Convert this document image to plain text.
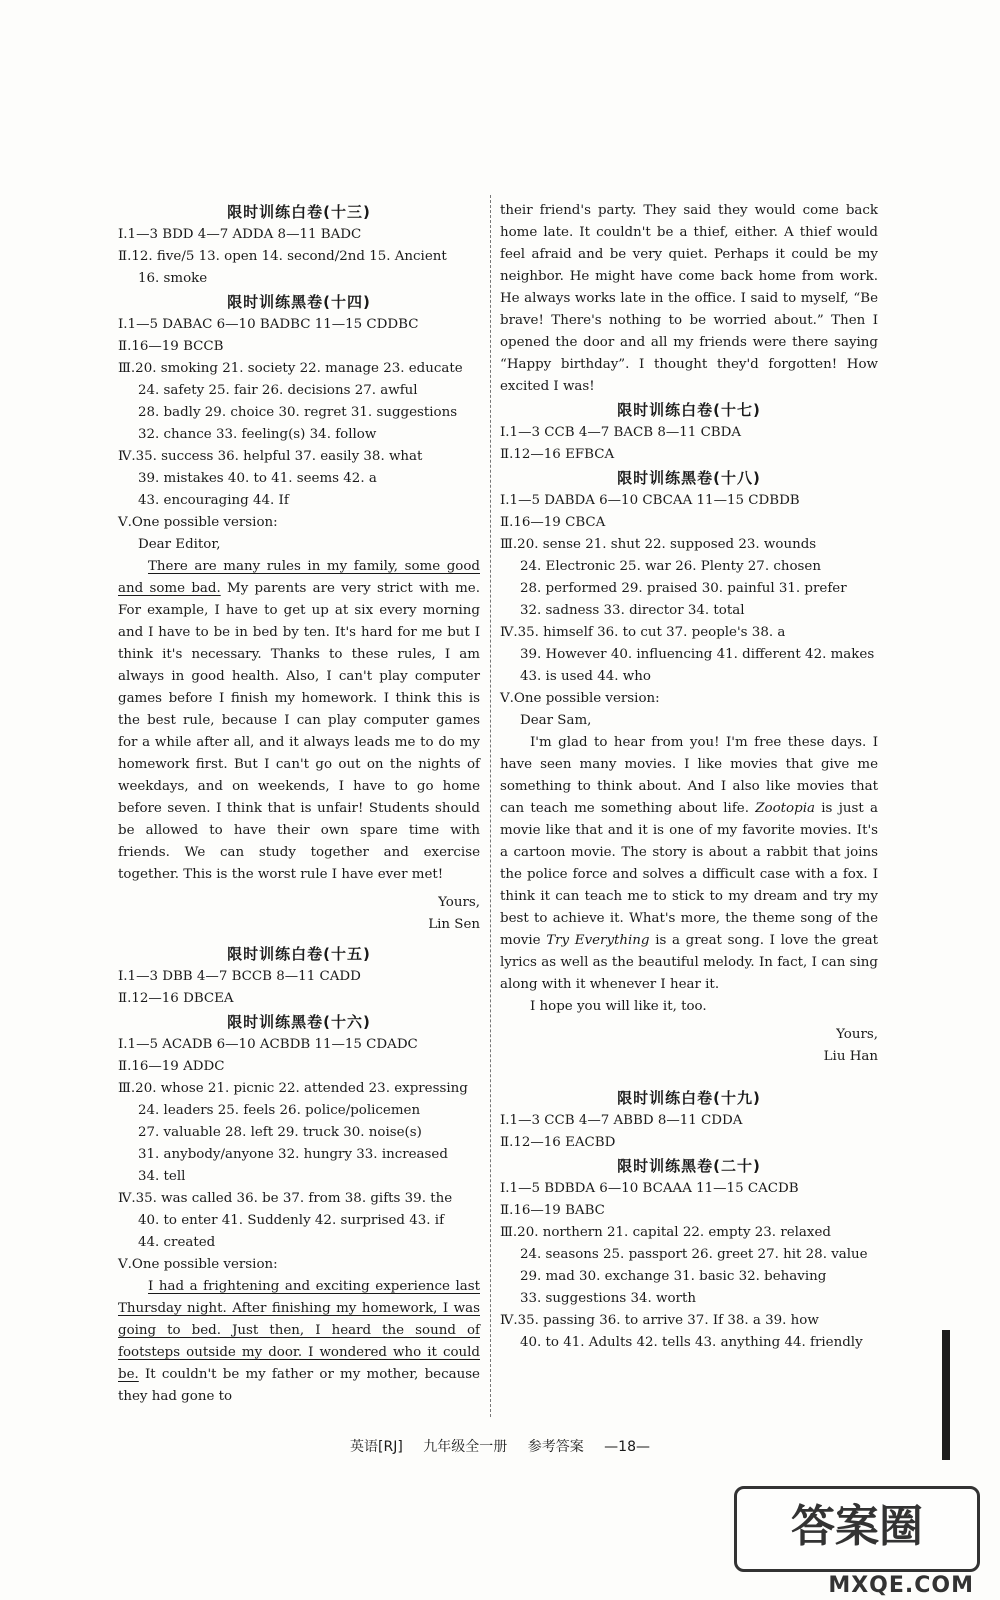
限时训练白卷(十三)
Ⅰ.1—3 BDD 4—7 ADDA 8—11 BADC
Ⅱ.12. five/5 13. open 14. second/2nd 15. Ancient
16. smoke
限时训练黑卷(十四)
Ⅰ.1—5 DABAC 6—10 BADBC 11—15 CDDBC
Ⅱ.16—19 BCCB
Ⅲ.20. smoking 21. society 22. manage 23. educate
24. safety 25. fair 26. decisions 27. awful
28. badly 29. choice 30. regret 31. suggestions
32. chance 33. feeling(s) 34. follow
Ⅳ.35. success 36. helpful 37. easily 38. what
39. mistakes 40. to 41. seems 42. a
43. encouraging 44. If
Ⅴ.One possible version:
Dear Editor,
There are many rules in my family, some good and some bad. My parents are very strict with me. For example, I have to get up at six every morning and I have to be in bed by ten. It's hard for me but I think it's necessary. Thanks to these rules, I am always in good health. Also, I can't play computer games before I finish my homework. I think this is the best rule, because I can play computer games for a while after all, and it always leads me to do my homework first. But I can't go out on the nights of weekdays, and on weekends, I have to go home before seven. I think that is unfair! Students should be allowed to have their own spare time with friends. We can study together and exercise together. This is the worst rule I have ever met!
Yours,
Lin Sen
限时训练白卷(十五)
Ⅰ.1—3 DBB 4—7 BCCB 8—11 CADD
Ⅱ.12—16 DBCEA
限时训练黑卷(十六)
Ⅰ.1—5 ACADB 6—10 ACBDB 11—15 CDADC
Ⅱ.16—19 ADDC
Ⅲ.20. whose 21. picnic 22. attended 23. expressing
24. leaders 25. feels 26. police/policemen
27. valuable 28. left 29. truck 30. noise(s)
31. anybody/anyone 32. hungry 33. increased
34. tell
Ⅳ.35. was called 36. be 37. from 38. gifts 39. the
40. to enter 41. Suddenly 42. surprised 43. if
44. created
Ⅴ.One possible version:
I had a frightening and exciting experience last Thursday night. After finishing my homework, I was going to bed. Just then, I heard the sound of footsteps outside my door. I wondered who it could be. It couldn't be my father or my mother, because they had gone to
their friend's party. They said they would come back home late. It couldn't be a thief, either. A thief would feel afraid and be very quiet. Perhaps it could be my neighbor. He might have come back home from work. He always works late in the office. I said to myself, “Be brave! There's nothing to be worried about.” Then I opened the door and all my friends were there saying “Happy birthday”. I thought they'd forgotten! How excited I was!
限时训练白卷(十七)
Ⅰ.1—3 CCB 4—7 BACB 8—11 CBDA
Ⅱ.12—16 EFBCA
限时训练黑卷(十八)
Ⅰ.1—5 DABDA 6—10 CBCAA 11—15 CDBDB
Ⅱ.16—19 CBCA
Ⅲ.20. sense 21. shut 22. supposed 23. wounds
24. Electronic 25. war 26. Plenty 27. chosen
28. performed 29. praised 30. painful 31. prefer
32. sadness 33. director 34. total
Ⅳ.35. himself 36. to cut 37. people's 38. a
39. However 40. influencing 41. different 42. makes
43. is used 44. who
Ⅴ.One possible version:
Dear Sam,
I'm glad to hear from you! I'm free these days. I have seen many movies. I like movies that give me something to think about. And I also like movies that can teach me something about life. Zootopia is just a movie like that and it is one of my favorite movies. It's a cartoon movie. The story is about a rabbit that joins the police force and solves a difficult case with a fox. I think it can teach me to stick to my dream and try my best to achieve it. What's more, the theme song of the movie Try Everything is a great song. I love the great lyrics as well as the beautiful melody. In fact, I can sing along with it whenever I hear it.
I hope you will like it, too.
Yours,
Liu Han
限时训练白卷(十九)
Ⅰ.1—3 CCB 4—7 ABBD 8—11 CDDA
Ⅱ.12—16 EACBD
限时训练黑卷(二十)
Ⅰ.1—5 BDBDA 6—10 BCAAA 11—15 CACDB
Ⅱ.16—19 BABC
Ⅲ.20. northern 21. capital 22. empty 23. relaxed
24. seasons 25. passport 26. greet 27. hit 28. value
29. mad 30. exchange 31. basic 32. behaving
33. suggestions 34. worth
Ⅳ.35. passing 36. to arrive 37. If 38. a 39. how
40. to 41. Adults 42. tells 43. anything 44. friendly
英语[RJ] 九年级全一册 参考答案 —18—
答案圈
MXQE.COM
